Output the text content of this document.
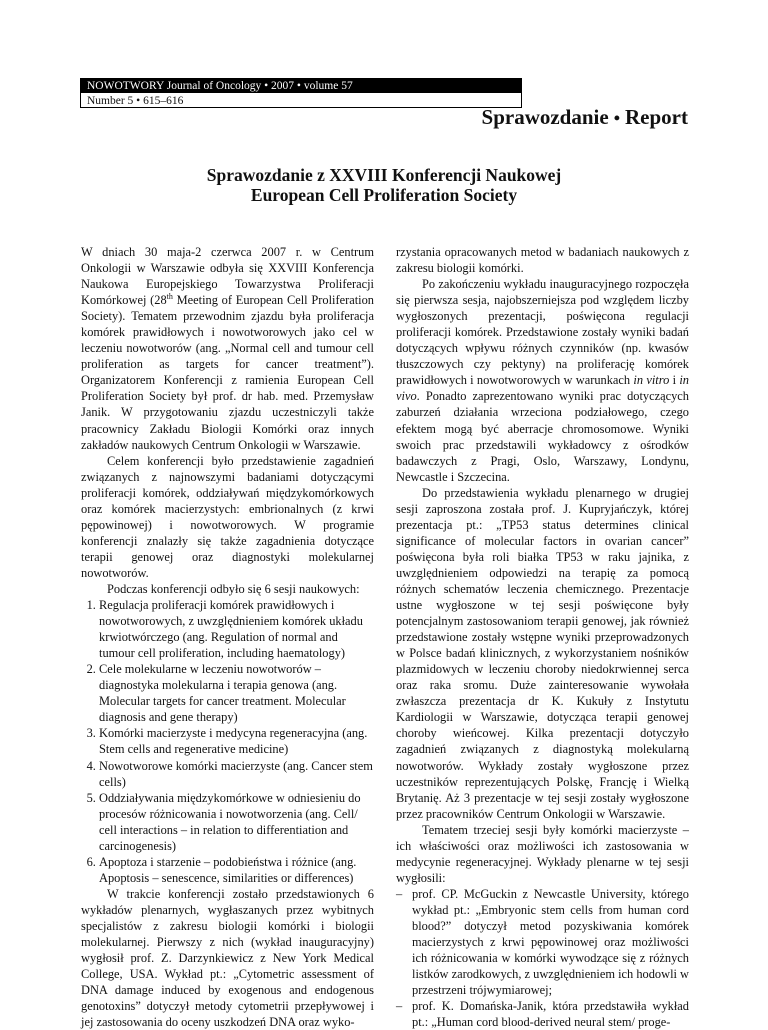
NOWOTWORY Journal of Oncology • 2007 • volume 57
Number 5 • 615–616
Sprawozdanie • Report
Sprawozdanie z XXVIII Konferencji Naukowej
European Cell Proliferation Society

W dniach 30 maja-2 czerwca 2007 r. w Centrum Onkologii w Warszawie odbyła się XXVIII Konferencja Naukowa Europejskiego Towarzystwa Proliferacji Komórkowej (28th Meeting of European Cell Proliferation Society). Tematem przewodnim zjazdu była proliferacja komórek prawidłowych i nowotworowych jako cel w leczeniu nowotworów (ang. „Normal cell and tumour cell proliferation as targets for cancer treatment”). Organizatorem Konferencji z ramienia European Cell Proliferation Society był prof. dr hab. med. Przemysław Janik. W przygotowaniu zjazdu uczestniczyli także pracownicy Zakładu Biologii Komórki oraz innych zakładów naukowych Centrum Onkologii w Warszawie.

Celem konferencji było przedstawienie zagadnień związanych z najnowszymi badaniami dotyczącymi proliferacji komórek, oddziaływań międzykomórkowych oraz komórek macierzystych: embrionalnych (z krwi pępowinowej) i nowotworowych. W programie konferencji znalazły się także zagadnienia dotyczące terapii genowej oraz diagnostyki molekularnej nowotworów.

Podczas konferencji odbyło się 6 sesji naukowych:

1. Regulacja proliferacji komórek prawidłowych i nowotworowych, z uwzględnieniem komórek układu krwiotwórczego (ang. Regulation of normal and tumour cell proliferation, including haematology)
2. Cele molekularne w leczeniu nowotworów – diagnostyka molekularna i terapia genowa (ang. Molecular targets for cancer treatment. Molecular diagnosis and gene therapy)
3. Komórki macierzyste i medycyna regeneracyjna (ang. Stem cells and regenerative medicine)
4. Nowotworowe komórki macierzyste (ang. Cancer stem cells)
5. Oddziaływania międzykomórkowe w odniesieniu do procesów różnicowania i nowotworzenia (ang. Cell/ cell interactions – in relation to differentiation and carcinogenesis)
6. Apoptoza i starzenie – podobieństwa i różnice (ang. Apoptosis – senescence, similarities or differences)

W trakcie konferencji zostało przedstawionych 6 wykładów plenarnych, wygłaszanych przez wybitnych specjalistów z zakresu biologii komórki i biologii molekularnej. Pierwszy z nich (wykład inauguracyjny) wygłosił prof. Z. Darzynkiewicz z New York Medical College, USA. Wykład pt.: „Cytometric assessment of DNA damage induced by exogenous and endogenous genotoxins” dotyczył metody cytometrii przepływowej i jej zastosowania do oceny uszkodzeń DNA oraz wyko-

rzystania opracowanych metod w badaniach naukowych z zakresu biologii komórki.

Po zakończeniu wykładu inauguracyjnego rozpoczęła się pierwsza sesja, najobszerniejsza pod względem liczby wygłoszonych prezentacji, poświęcona regulacji proliferacji komórek. Przedstawione zostały wyniki badań dotyczących wpływu różnych czynników (np. kwasów tłuszczowych czy pektyny) na proliferację komórek prawidłowych i nowotworowych w warunkach in vitro i in vivo. Ponadto zaprezentowano wyniki prac dotyczących zaburzeń działania wrzeciona podziałowego, czego efektem mogą być aberracje chromosomowe. Wyniki swoich prac przedstawili wykładowcy z ośrodków badawczych z Pragi, Oslo, Warszawy, Londynu, Newcastle i Szczecina.

Do przedstawienia wykładu plenarnego w drugiej sesji zaproszona została prof. J. Kupryjańczyk, której prezentacja pt.: „TP53 status determines clinical significance of molecular factors in ovarian cancer” poświęcona była roli białka TP53 w raku jajnika, z uwzględnieniem odpowiedzi na terapię za pomocą różnych schematów leczenia chemicznego. Prezentacje ustne wygłoszone w tej sesji poświęcone były potencjalnym zastosowaniom terapii genowej, jak również przedstawione zostały wstępne wyniki przeprowadzonych w Polsce badań klinicznych, z wykorzystaniem nośników plazmidowych w leczeniu choroby niedokrwiennej serca oraz raka sromu. Duże zainteresowanie wywołała zwłaszcza prezentacja dr K. Kukuły z Instytutu Kardiologii w Warszawie, dotycząca terapii genowej choroby wieńcowej. Kilka prezentacji dotyczyło zagadnień związanych z diagnostyką molekularną nowotworów. Wykłady zostały wygłoszone przez uczestników reprezentujących Polskę, Francję i Wielką Brytanię. Aż 3 prezentacje w tej sesji zostały wygłoszone przez pracowników Centrum Onkologii w Warszawie.

Tematem trzeciej sesji były komórki macierzyste – ich właściwości oraz możliwości ich zastosowania w medycynie regeneracyjnej. Wykłady plenarne w tej sesji wygłosili:

– prof. CP. McGuckin z Newcastle University, którego wykład pt.: „Embryonic stem cells from human cord blood?” dotyczył metod pozyskiwania komórek macierzystych z krwi pępowinowej oraz możliwości ich różnicowania w komórki wywodzące się z różnych listków zarodkowych, z uwzględnieniem ich hodowli w przestrzeni trójwymiarowej;
– prof. K. Domańska-Janik, która przedstawiła wykład pt.: „Human cord blood-derived neural stem/ proge-
